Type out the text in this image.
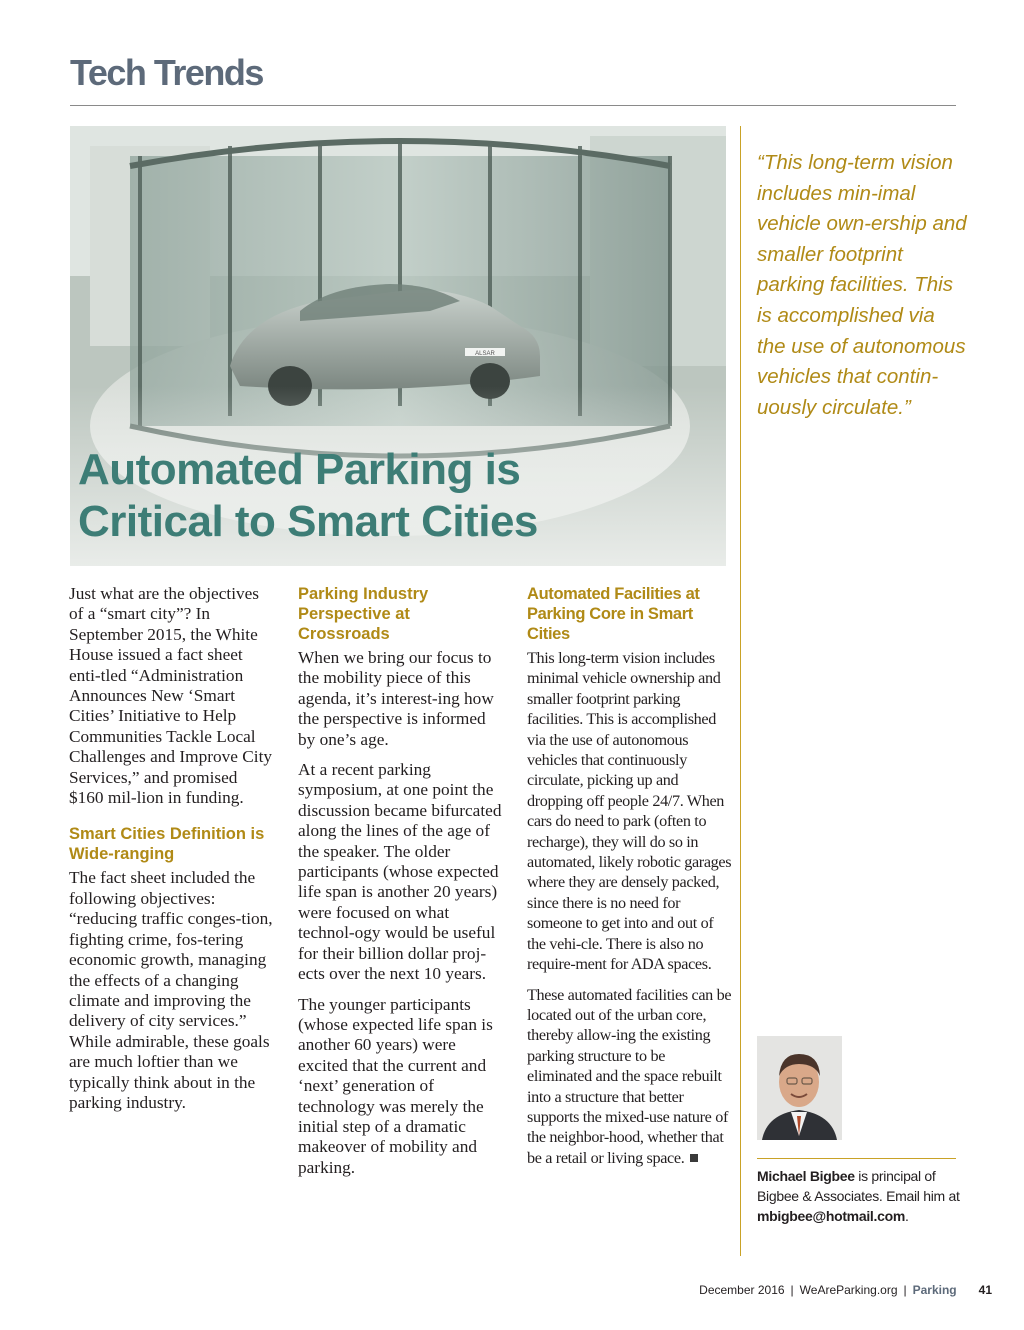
Tech Trends
ALSAR
Automated Parking is
Critical to Smart Cities

“This long-term vision includes min-imal vehicle own-ership and smaller footprint parking facilities. This is accomplished via the use of autonomous vehicles that contin-uously circulate.”

Just what are the objectives of a “smart city”? In September 2015, the White House issued a fact sheet enti-tled “Administration Announces New ‘Smart Cities’ Initiative to Help Communities Tackle Local Challenges and Improve City Services,” and promised $160 mil-lion in funding.

Smart Cities Definition is Wide-ranging

The fact sheet included the following objectives: “reducing traffic conges-tion, fighting crime, fos-tering economic growth, managing the effects of a changing climate and improving the delivery of city services.” While admirable, these goals are much loftier than we typically think about in the parking industry.

Parking Industry Perspective at Crossroads

When we bring our focus to the mobility piece of this agenda, it’s interest-ing how the perspective is informed by one’s age.

At a recent parking symposium, at one point the discussion became bifurcated along the lines of the age of the speaker. The older participants (whose expected life span is another 20 years) were focused on what technol-ogy would be useful for their billion dollar proj-ects over the next 10 years.

The younger participants (whose expected life span is another 60 years) were excited that the current and ‘next’ generation of technology was merely the initial step of a dramatic makeover of mobility and parking.

Automated Facilities at Parking Core in Smart Cities

This long-term vision includes minimal vehicle ownership and smaller footprint parking facilities. This is accomplished via the use of autonomous vehicles that continuously circulate, picking up and dropping off people 24/7. When cars do need to park (often to recharge), they will do so in automated, likely robotic garages where they are densely packed, since there is no need for someone to get into and out of the vehi-cle. There is also no require-ment for ADA spaces.

These automated facilities can be located out of the urban core, thereby allow-ing the existing parking structure to be eliminated and the space rebuilt into a structure that better supports the mixed-use nature of the neighbor-hood, whether that be a retail or living space.

Michael Bigbee is principal of Bigbee & Associates. Email him at mbigbee@hotmail.com.

December 2016 | WeAreParking.org | Parking 41
